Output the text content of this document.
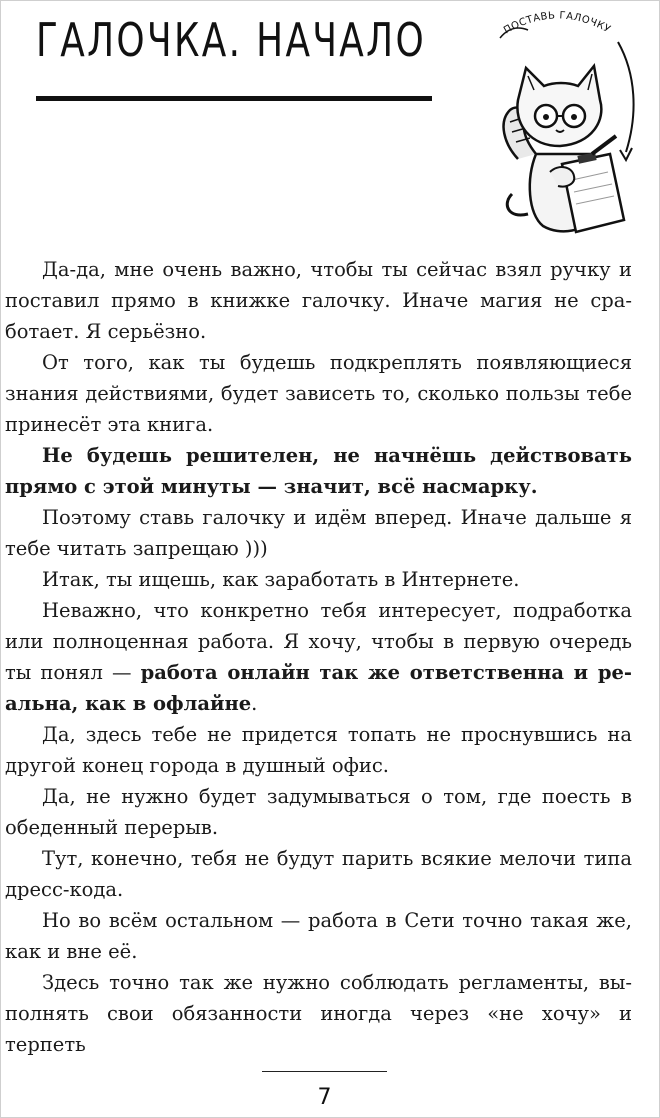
ГАЛОЧКА. НАЧАЛО	ПОСТАВЬ ГАЛОЧКУ

Да-да, мне очень важно, чтобы ты сейчас взял ручку и поставил прямо в книжке галочку. Иначе магия не сработает. Я серьёзно.

От того, как ты будешь подкреплять появляющиеся знания действиями, будет зависеть то, сколько пользы тебе принесёт эта книга.

Не будешь решителен, не начнёшь действовать прямо с этой минуты — значит, всё насмарку.

Поэтому ставь галочку и идём вперед. Иначе дальше я тебе читать запрещаю )))

Итак, ты ищешь, как заработать в Интернете.

Неважно, что конкретно тебя интересует, подработка или полноценная работа. Я хочу, чтобы в первую очередь ты понял — работа онлайн так же ответственна и реальна, как в офлайне.

Да, здесь тебе не придется топать не проснувшись на другой конец города в душный офис.

Да, не нужно будет задумываться о том, где поесть в обеденный перерыв.

Тут, конечно, тебя не будут парить всякие мелочи типа дресс-кода.

Но во всём остальном — работа в Сети точно такая же, как и вне её.

Здесь точно так же нужно соблюдать регламенты, выполнять свои обязанности иногда через «не хочу» и терпеть

7
